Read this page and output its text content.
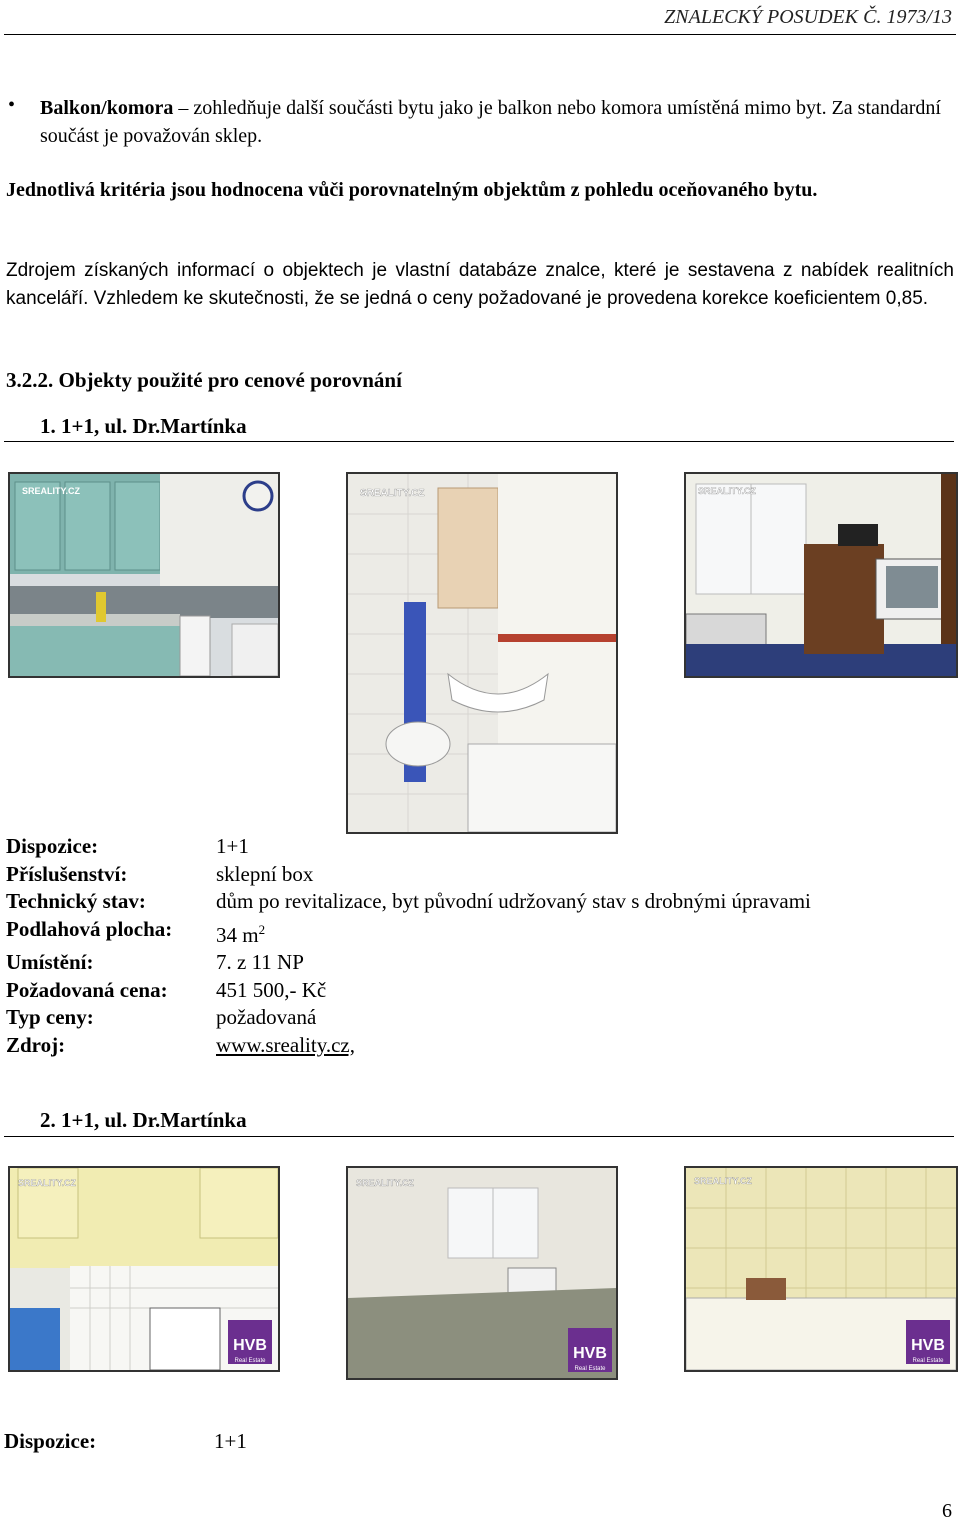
ZNALECKÝ POSUDEK Č. 1973/13
• Balkon/komora – zohledňuje další součásti bytu jako je balkon nebo komora umístěná mimo byt. Za standardní součást je považován sklep.
Jednotlivá kritéria jsou hodnocena vůči porovnatelným objektům z pohledu oceňovaného bytu.
Zdrojem získaných informací o objektech je vlastní databáze znalce, které je sestavena z nabídek realitních kanceláří. Vzhledem ke skutečnosti, že se jedná o ceny požadované je provedena korekce koeficientem 0,85.
3.2.2. Objekty použité pro cenové porovnání
1. 1+1, ul. Dr.Martínka
SREALITY.CZ	SREALITY.CZ	SREALITY.CZ
Dispozice:	1+1
Příslušenství:	sklepní box
Technický stav:	dům po revitalizace, byt původní udržovaný stav s drobnými úpravami
Podlahová plocha:	34 $m^2$
Umístění:	7. z 11 NP
Požadovaná cena:	451 500,- Kč
Typ ceny:	požadovaná
Zdroj:	www.sreality.cz,
2. 1+1, ul. Dr.Martínka
HVB
Real Estate
SREALITY.CZ
HVB
Real Estate
SREALITY.CZ
HVB
Real Estate
SREALITY.CZ
Dispozice:	1+1
6
